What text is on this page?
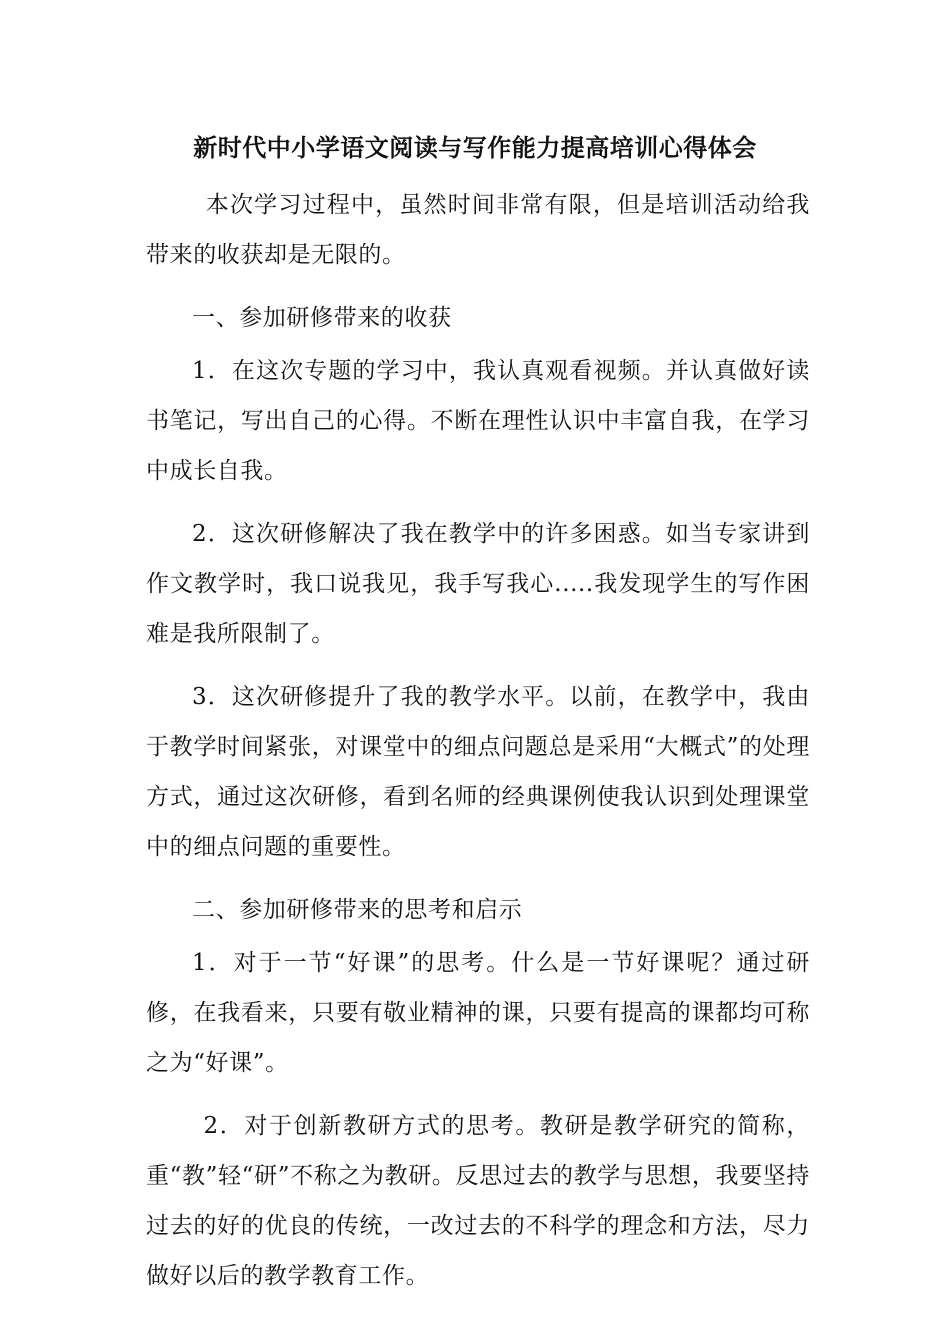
新时代中小学语文阅读与写作能力提高培训心得体会

本次学习过程中，虽然时间非常有限，但是培训活动给我带来的收获却是无限的。

一、参加研修带来的收获

1．在这次专题的学习中，我认真观看视频。并认真做好读书笔记，写出自己的心得。不断在理性认识中丰富自我，在学习中成长自我。

2．这次研修解决了我在教学中的许多困惑。如当专家讲到作文教学时，我口说我见，我手写我心.....我发现学生的写作困难是我所限制了。

3．这次研修提升了我的教学水平。以前，在教学中，我由于教学时间紧张，对课堂中的细点问题总是采用“大概式”的处理方式，通过这次研修，看到名师的经典课例使我认识到处理课堂中的细点问题的重要性。

二、参加研修带来的思考和启示

1．对于一节“好课”的思考。什么是一节好课呢？通过研修，在我看来，只要有敬业精神的课，只要有提高的课都均可称之为“好课”。

2．对于创新教研方式的思考。教研是教学研究的简称，重“教”轻“研”不称之为教研。反思过去的教学与思想，我要坚持过去的好的优良的传统，一改过去的不科学的理念和方法，尽力做好以后的教学教育工作。
